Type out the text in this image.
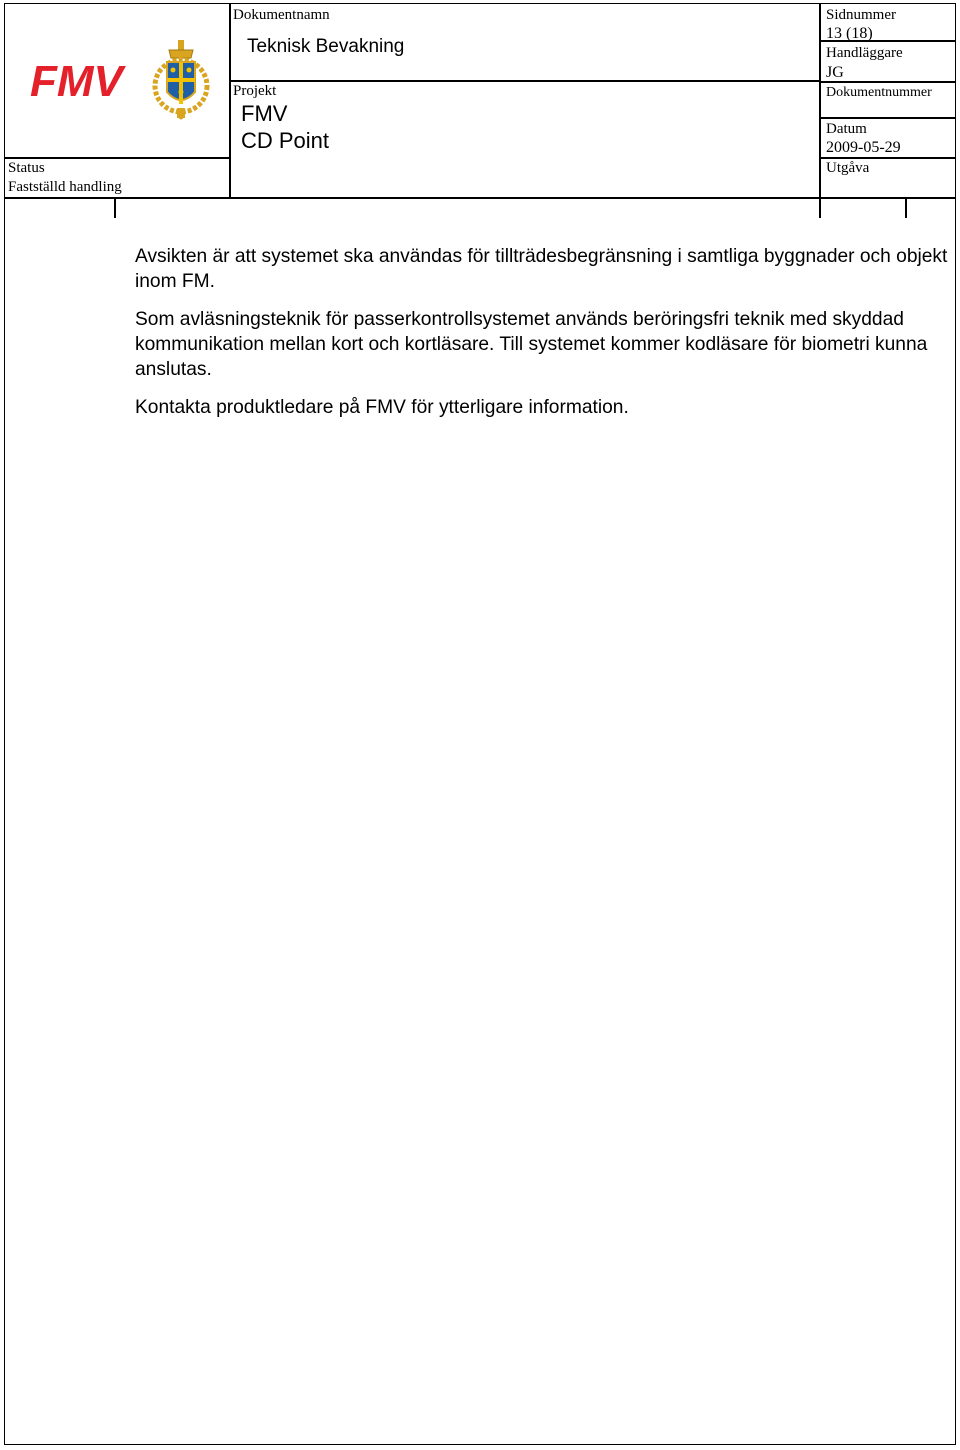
FMV
Status
Fastställd handling
Dokumentnamn
Teknisk Bevakning
Projekt
FMV
CD Point
Sidnummer
13 (18)
Handläggare
JG
Dokumentnummer
Datum
2009-05-29
Utgåva

Avsikten är att systemet ska användas för tillträdesbegränsning i samtliga byggnader och objekt inom FM.

Som avläsningsteknik för passerkontrollsystemet används beröringsfri teknik med skyddad kommunikation mellan kort och kortläsare. Till systemet kommer kodläsare för biometri kunna anslutas.

Kontakta produktledare på FMV för ytterligare information.
